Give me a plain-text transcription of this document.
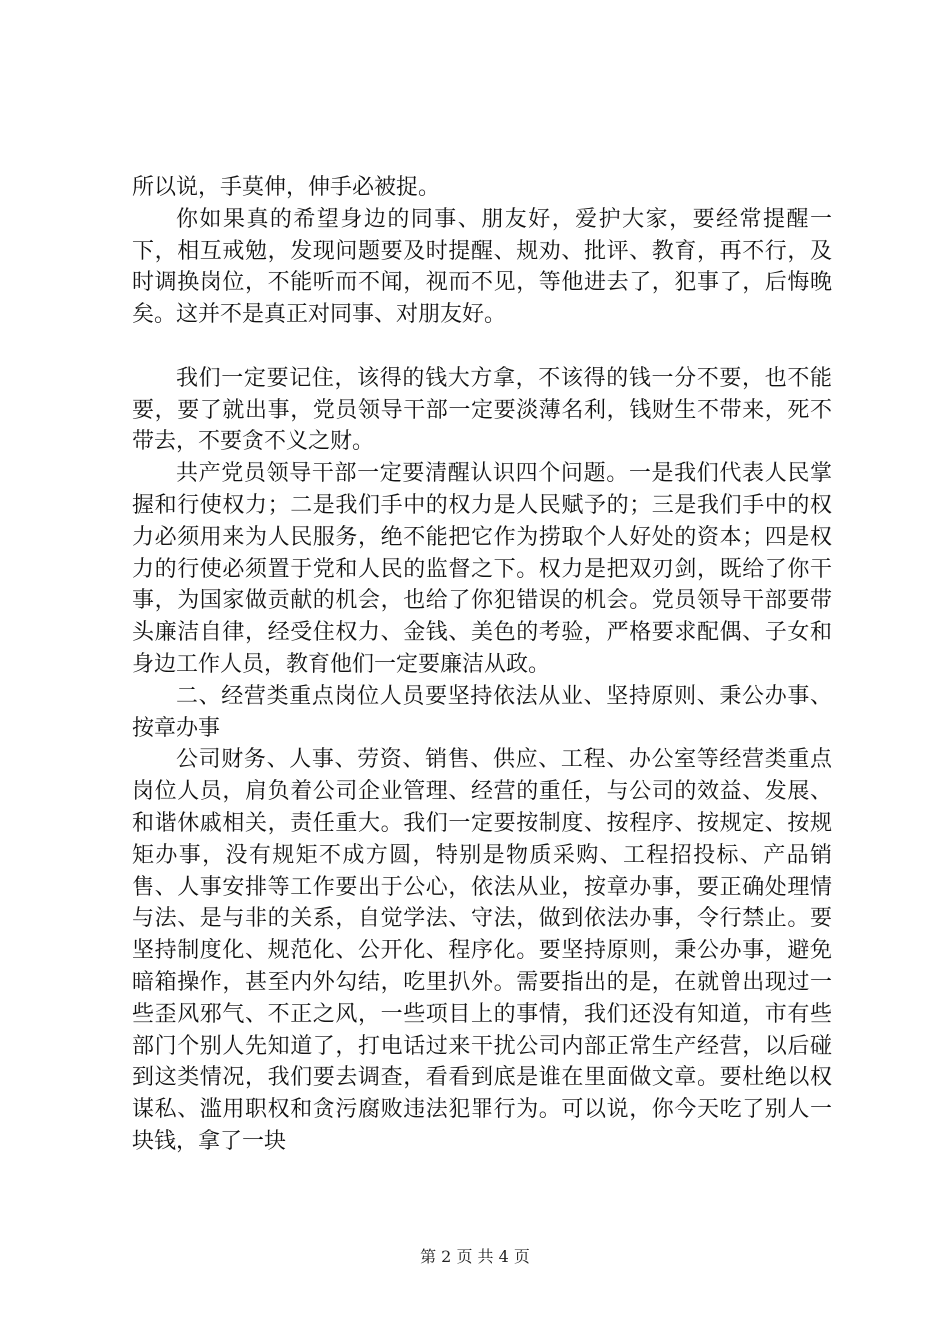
所以说，手莫伸，伸手必被捉。

你如果真的希望身边的同事、朋友好，爱护大家，要经常提醒一下，相互戒勉，发现问题要及时提醒、规劝、批评、教育，再不行，及时调换岗位，不能听而不闻，视而不见，等他进去了，犯事了，后悔晚矣。这并不是真正对同事、对朋友好。

我们一定要记住，该得的钱大方拿，不该得的钱一分不要，也不能要，要了就出事，党员领导干部一定要淡薄名利，钱财生不带来，死不带去，不要贪不义之财。

共产党员领导干部一定要清醒认识四个问题。一是我们代表人民掌握和行使权力；二是我们手中的权力是人民赋予的；三是我们手中的权力必须用来为人民服务，绝不能把它作为捞取个人好处的资本；四是权力的行使必须置于党和人民的监督之下。权力是把双刃剑，既给了你干事，为国家做贡献的机会，也给了你犯错误的机会。党员领导干部要带头廉洁自律，经受住权力、金钱、美色的考验，严格要求配偶、子女和身边工作人员，教育他们一定要廉洁从政。

二、经营类重点岗位人员要坚持依法从业、坚持原则、秉公办事、按章办事

公司财务、人事、劳资、销售、供应、工程、办公室等经营类重点岗位人员，肩负着公司企业管理、经营的重任，与公司的效益、发展、和谐休戚相关，责任重大。我们一定要按制度、按程序、按规定、按规矩办事，没有规矩不成方圆，特别是物质采购、工程招投标、产品销售、人事安排等工作要出于公心，依法从业，按章办事，要正确处理情与法、是与非的关系，自觉学法、守法，做到依法办事，令行禁止。要坚持制度化、规范化、公开化、程序化。要坚持原则，秉公办事，避免暗箱操作，甚至内外勾结，吃里扒外。需要指出的是，在就曾出现过一些歪风邪气、不正之风，一些项目上的事情，我们还没有知道，市有些部门个别人先知道了，打电话过来干扰公司内部正常生产经营，以后碰到这类情况，我们要去调查，看看到底是谁在里面做文章。要杜绝以权谋私、滥用职权和贪污腐败违法犯罪行为。可以说，你今天吃了别人一块钱，拿了一块

第 2 页 共 4 页
